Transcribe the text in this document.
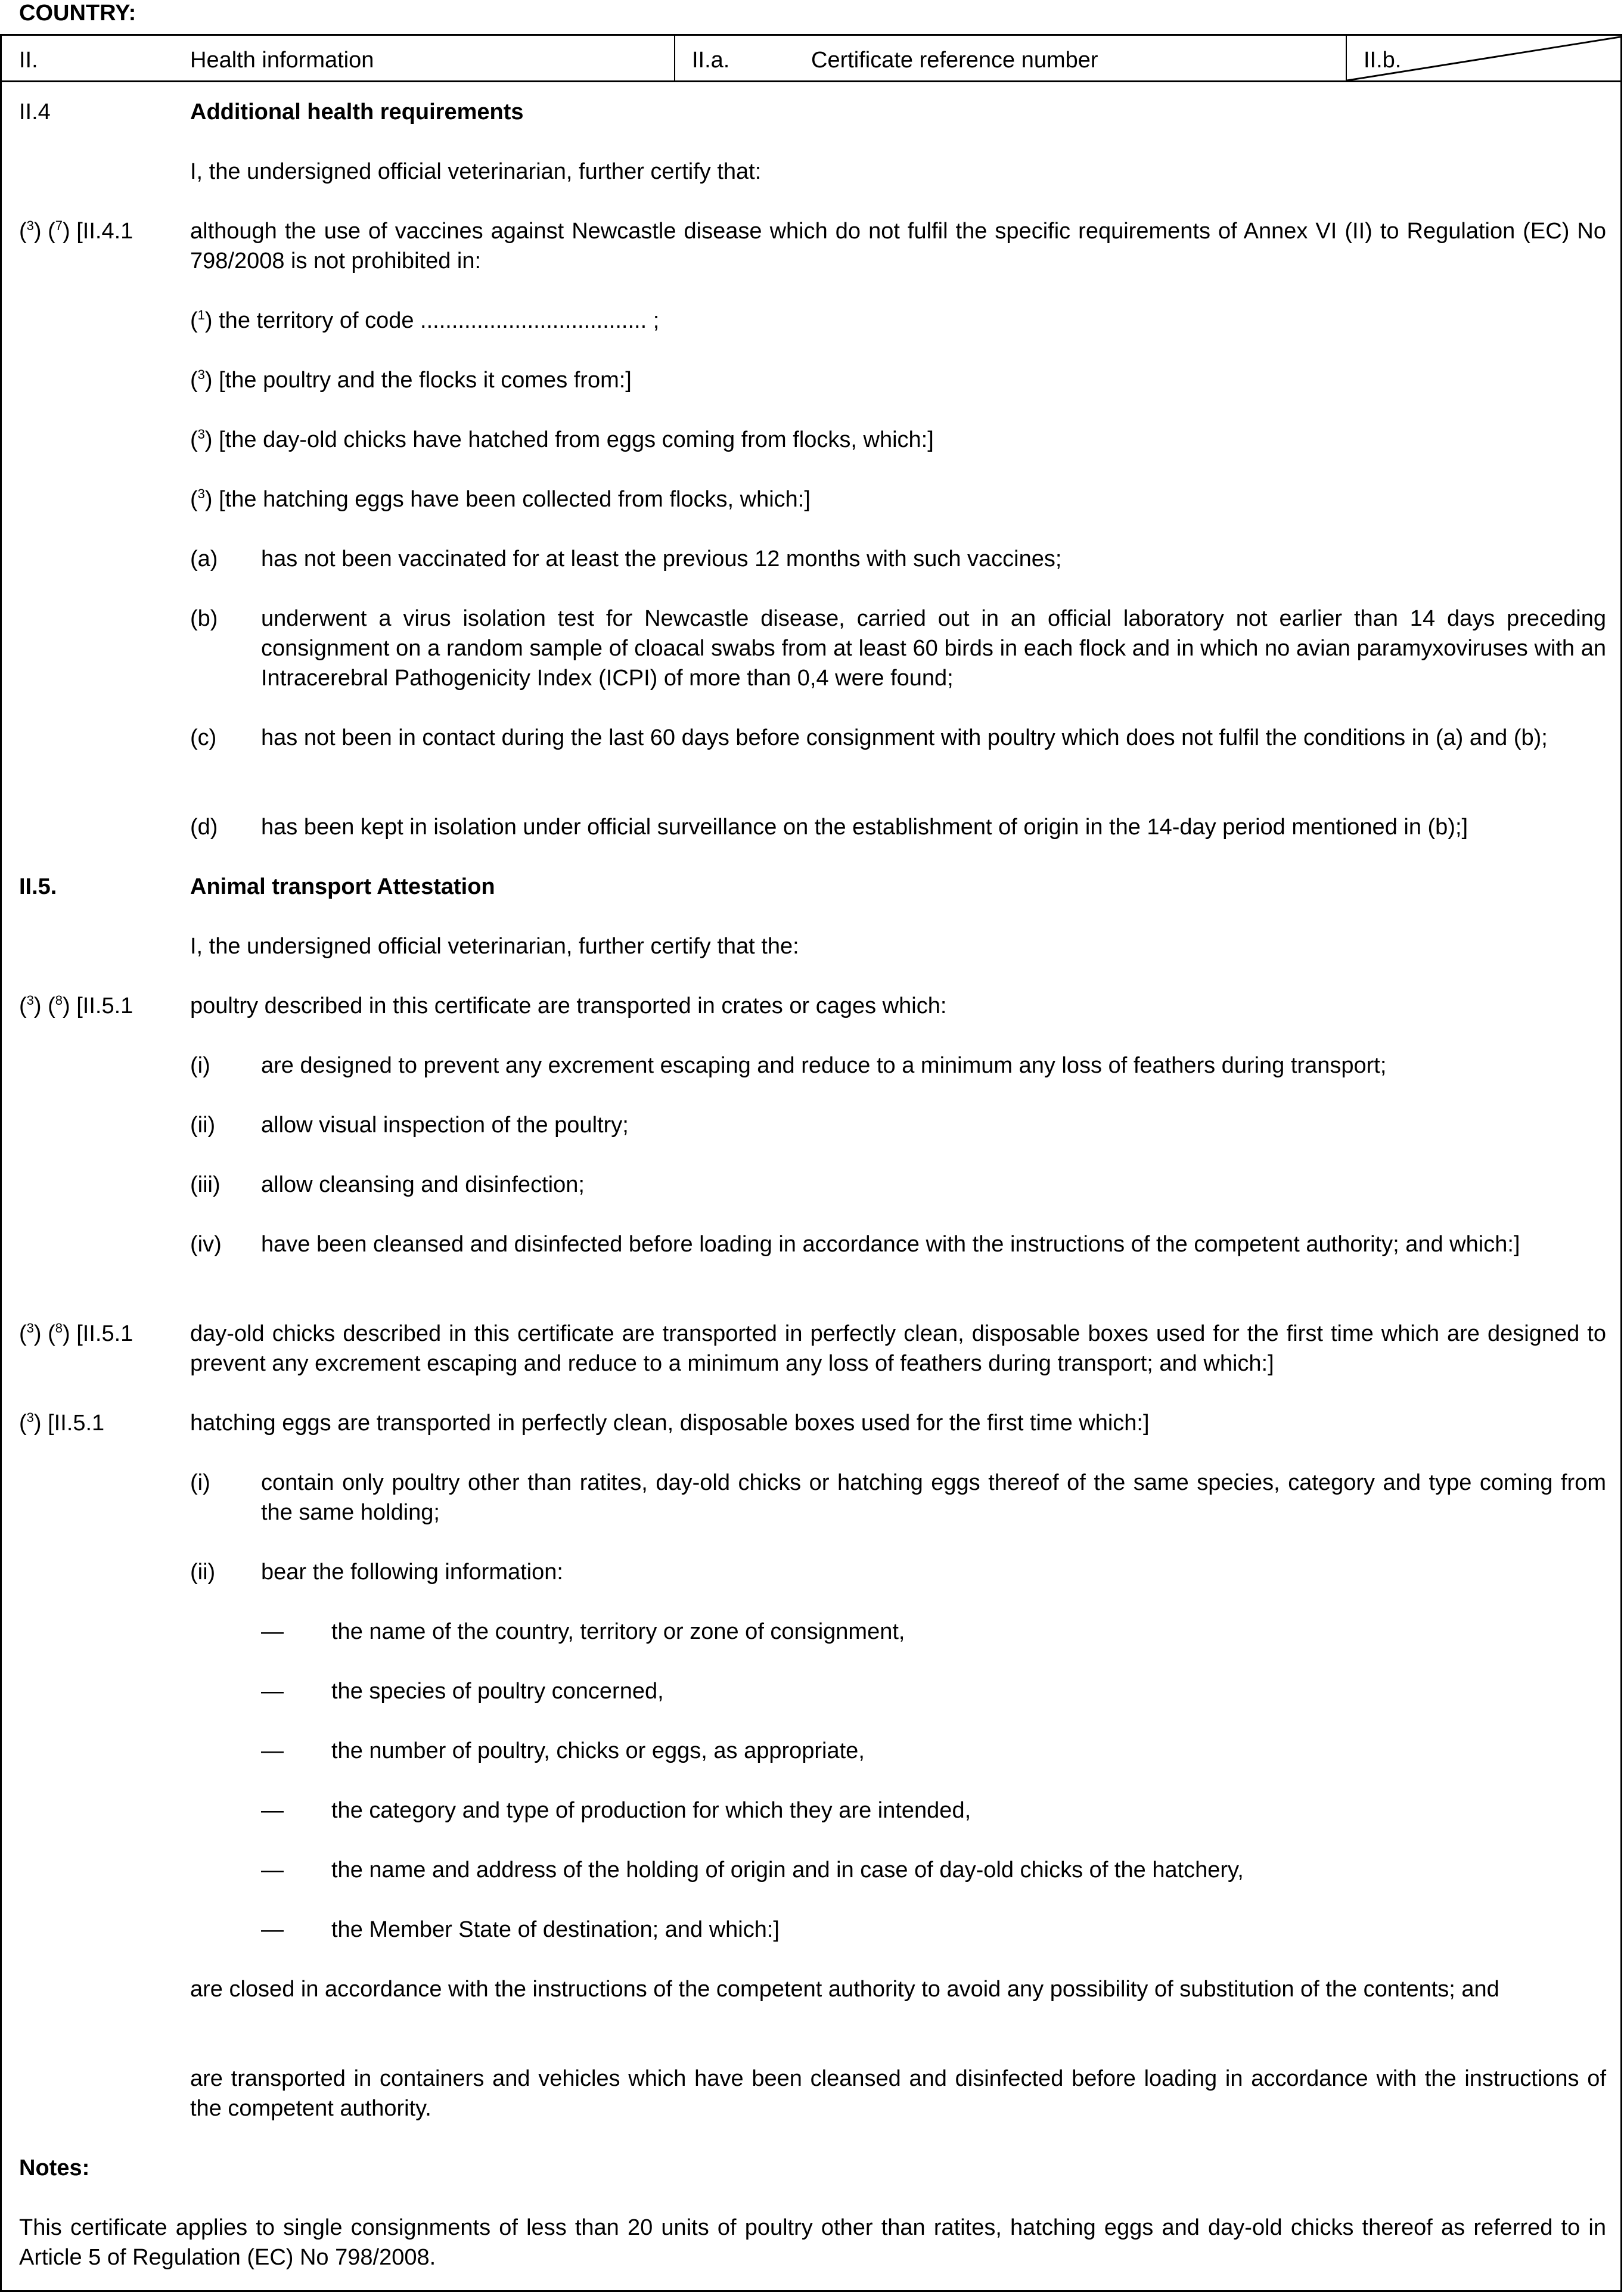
COUNTRY:
II.	Health information	II.a.	Certificate reference number	II.b.
II.4	Additional health requirements
I, the undersigned official veterinarian, further certify that:
($^3$) ($^7$) [II.4.1	although the use of vaccines against Newcastle disease which do not fulfil the specific requirements of Annex VI (II) to Regulation (EC) No 798/2008 is not prohibited in:
($^1$) the territory of code .................................... ;
($^3$) [the poultry and the flocks it comes from:]
($^3$) [the day-old chicks have hatched from eggs coming from flocks, which:]
($^3$) [the hatching eggs have been collected from flocks, which:]
(a) has not been vaccinated for at least the previous 12 months with such vaccines;
(b) underwent a virus isolation test for Newcastle disease, carried out in an official laboratory not earlier than 14 days preceding consignment on a random sample of cloacal swabs from at least 60 birds in each flock and in which no avian paramyxoviruses with an Intracerebral Pathogenicity Index (ICPI) of more than 0,4 were found;
(c) has not been in contact during the last 60 days before consignment with poultry which does not fulfil the conditions in (a) and (b);
(d) has been kept in isolation under official surveillance on the establishment of origin in the 14-day period mentioned in (b);]
II.5.	Animal transport Attestation
I, the undersigned official veterinarian, further certify that the:
($^3$) ($^8$) [II.5.1	poultry described in this certificate are transported in crates or cages which:
(i) are designed to prevent any excrement escaping and reduce to a minimum any loss of feathers during transport;
(ii) allow visual inspection of the poultry;
(iii) allow cleansing and disinfection;
(iv) have been cleansed and disinfected before loading in accordance with the instructions of the competent authority; and which:]
($^3$) ($^8$) [II.5.1	day-old chicks described in this certificate are transported in perfectly clean, disposable boxes used for the first time which are designed to prevent any excrement escaping and reduce to a minimum any loss of feathers during transport; and which:]
($^3$) [II.5.1	hatching eggs are transported in perfectly clean, disposable boxes used for the first time which:]
(i) contain only poultry other than ratites, day-old chicks or hatching eggs thereof of the same species, category and type coming from the same holding;
(ii) bear the following information:
— the name of the country, territory or zone of consignment,
— the species of poultry concerned,
— the number of poultry, chicks or eggs, as appropriate,
— the category and type of production for which they are intended,
— the name and address of the holding of origin and in case of day-old chicks of the hatchery,
— the Member State of destination; and which:]
are closed in accordance with the instructions of the competent authority to avoid any possibility of substitution of the contents; and
are transported in containers and vehicles which have been cleansed and disinfected before loading in accordance with the instructions of the competent authority.
Notes:
This certificate applies to single consignments of less than 20 units of poultry other than ratites, hatching eggs and day-old chicks thereof as referred to in Article 5 of Regulation (EC) No 798/2008.
